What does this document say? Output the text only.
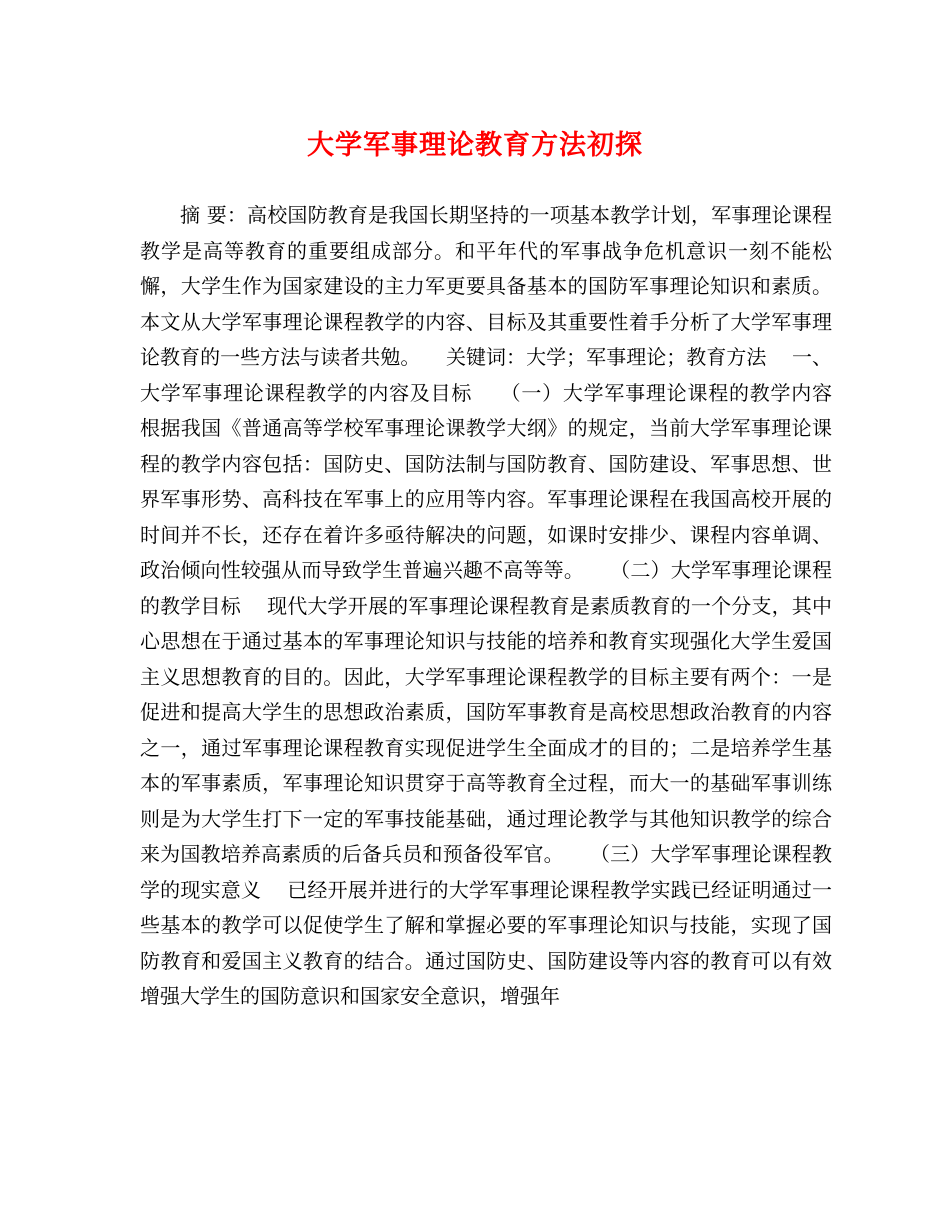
大学军事理论教育方法初探

摘 要：高校国防教育是我国长期坚持的一项基本教学计划，军事理论课程教学是高等教育的重要组成部分。和平年代的军事战争危机意识一刻不能松懈，大学生作为国家建设的主力军更要具备基本的国防军事理论知识和素质。本文从大学军事理论课程教学的内容、目标及其重要性着手分析了大学军事理论教育的一些方法与读者共勉。    关键词：大学；军事理论；教育方法    一、大学军事理论课程教学的内容及目标    （一）大学军事理论课程的教学内容    根据我国《普通高等学校军事理论课教学大纲》的规定，当前大学军事理论课程的教学内容包括：国防史、国防法制与国防教育、国防建设、军事思想、世界军事形势、高科技在军事上的应用等内容。军事理论课程在我国高校开展的时间并不长，还存在着许多亟待解决的问题，如课时安排少、课程内容单调、政治倾向性较强从而导致学生普遍兴趣不高等等。    （二）大学军事理论课程的教学目标    现代大学开展的军事理论课程教育是素质教育的一个分支，其中心思想在于通过基本的军事理论知识与技能的培养和教育实现强化大学生爱国主义思想教育的目的。因此，大学军事理论课程教学的目标主要有两个：一是促进和提高大学生的思想政治素质，国防军事教育是高校思想政治教育的内容之一，通过军事理论课程教育实现促进学生全面成才的目的；二是培养学生基本的军事素质，军事理论知识贯穿于高等教育全过程，而大一的基础军事训练则是为大学生打下一定的军事技能基础，通过理论教学与其他知识教学的综合来为国教培养高素质的后备兵员和预备役军官。    （三）大学军事理论课程教学的现实意义    已经开展并进行的大学军事理论课程教学实践已经证明通过一些基本的教学可以促使学生了解和掌握必要的军事理论知识与技能，实现了国防教育和爱国主义教育的结合。通过国防史、国防建设等内容的教育可以有效增强大学生的国防意识和国家安全意识，增强年
